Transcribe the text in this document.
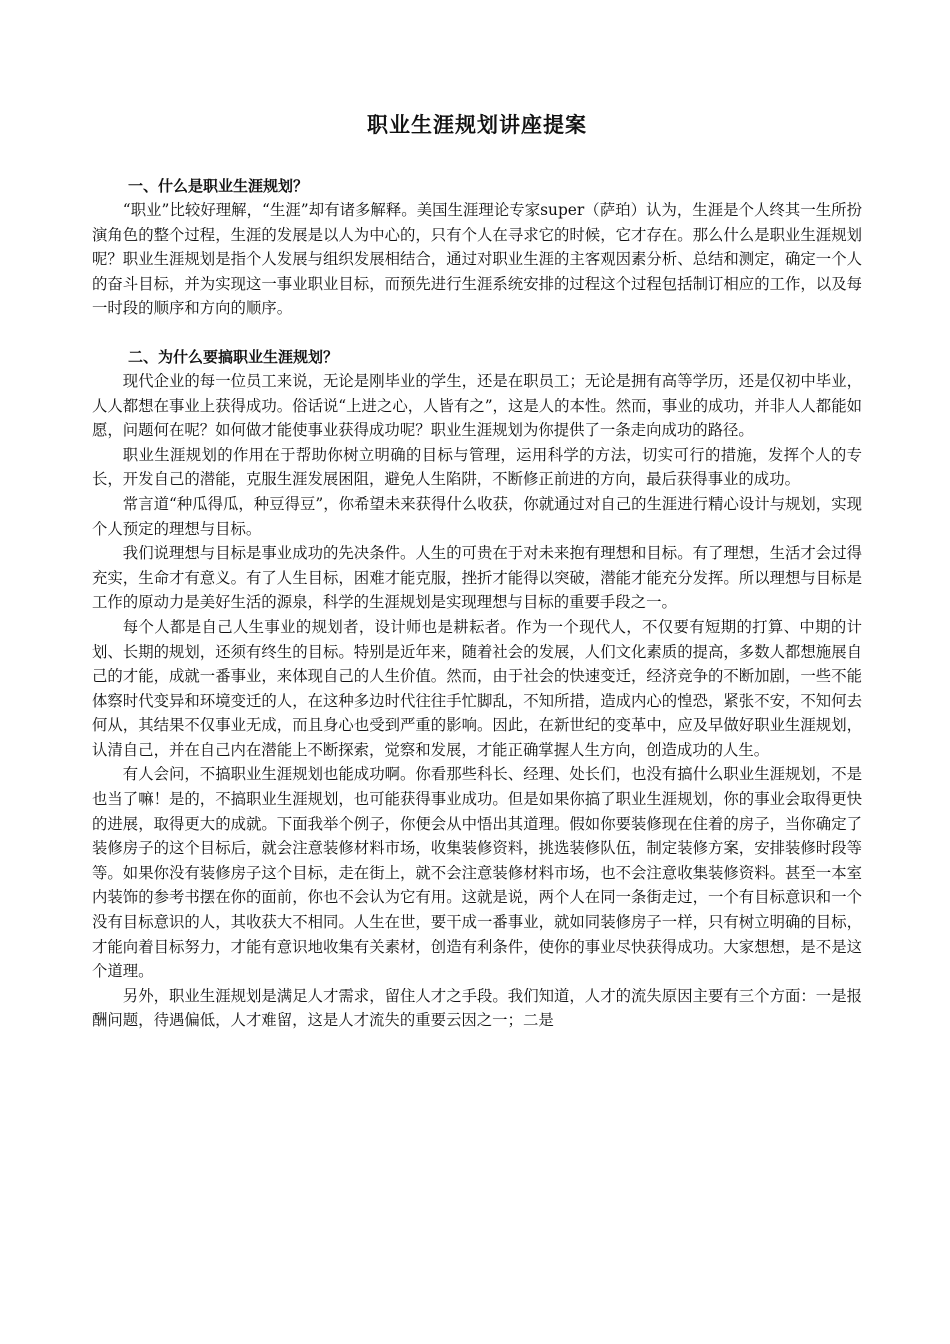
职业生涯规划讲座提案
一、什么是职业生涯规划？

“职业”比较好理解，“生涯”却有诸多解释。美国生涯理论专家super（萨珀）认为，生涯是个人终其一生所扮演角色的整个过程，生涯的发展是以人为中心的，只有个人在寻求它的时候，它才存在。那么什么是职业生涯规划呢？职业生涯规划是指个人发展与组织发展相结合，通过对职业生涯的主客观因素分析、总结和测定，确定一个人的奋斗目标，并为实现这一事业职业目标，而预先进行生涯系统安排的过程这个过程包括制订相应的工作，以及每一时段的顺序和方向的顺序。

二、为什么要搞职业生涯规划？

现代企业的每一位员工来说，无论是刚毕业的学生，还是在职员工；无论是拥有高等学历，还是仅初中毕业，人人都想在事业上获得成功。俗话说“上进之心，人皆有之”，这是人的本性。然而，事业的成功，并非人人都能如愿，问题何在呢？如何做才能使事业获得成功呢？职业生涯规划为你提供了一条走向成功的路径。

职业生涯规划的作用在于帮助你树立明确的目标与管理，运用科学的方法，切实可行的措施，发挥个人的专长，开发自己的潜能，克服生涯发展困阻，避免人生陷阱，不断修正前进的方向，最后获得事业的成功。

常言道“种瓜得瓜，种豆得豆”，你希望未来获得什么收获，你就通过对自己的生涯进行精心设计与规划，实现个人预定的理想与目标。

我们说理想与目标是事业成功的先决条件。人生的可贵在于对未来抱有理想和目标。有了理想，生活才会过得充实，生命才有意义。有了人生目标，困难才能克服，挫折才能得以突破，潜能才能充分发挥。所以理想与目标是工作的原动力是美好生活的源泉，科学的生涯规划是实现理想与目标的重要手段之一。

每个人都是自己人生事业的规划者，设计师也是耕耘者。作为一个现代人，不仅要有短期的打算、中期的计划、长期的规划，还须有终生的目标。特别是近年来，随着社会的发展，人们文化素质的提高，多数人都想施展自己的才能，成就一番事业，来体现自己的人生价值。然而，由于社会的快速变迁，经济竞争的不断加剧，一些不能体察时代变异和环境变迁的人，在这种多边时代往往手忙脚乱，不知所措，造成内心的惶恐，紧张不安，不知何去何从，其结果不仅事业无成，而且身心也受到严重的影响。因此，在新世纪的变革中，应及早做好职业生涯规划，认清自己，并在自己内在潜能上不断探索，觉察和发展，才能正确掌握人生方向，创造成功的人生。

有人会问，不搞职业生涯规划也能成功啊。你看那些科长、经理、处长们，也没有搞什么职业生涯规划，不是也当了嘛！是的，不搞职业生涯规划，也可能获得事业成功。但是如果你搞了职业生涯规划，你的事业会取得更快的进展，取得更大的成就。下面我举个例子，你便会从中悟出其道理。假如你要装修现在住着的房子，当你确定了装修房子的这个目标后，就会注意装修材料市场，收集装修资料，挑选装修队伍，制定装修方案，安排装修时段等等。如果你没有装修房子这个目标，走在街上，就不会注意装修材料市场，也不会注意收集装修资料。甚至一本室内装饰的参考书摆在你的面前，你也不会认为它有用。这就是说，两个人在同一条街走过，一个有目标意识和一个没有目标意识的人，其收获大不相同。人生在世，要干成一番事业，就如同装修房子一样，只有树立明确的目标，才能向着目标努力，才能有意识地收集有关素材，创造有利条件，使你的事业尽快获得成功。大家想想，是不是这个道理。

另外，职业生涯规划是满足人才需求，留住人才之手段。我们知道，人才的流失原因主要有三个方面：一是报酬问题，待遇偏低，人才难留，这是人才流失的重要云因之一；二是
